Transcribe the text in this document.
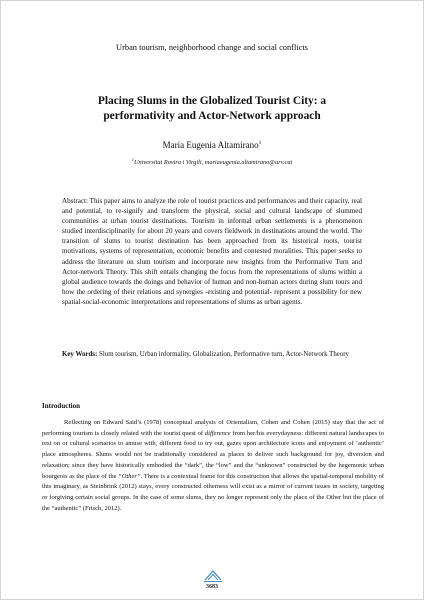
Urban tourism, neighborhood change and social conflicts
Placing Slums in the Globalized Tourist City: a performativity and Actor-Network approach
Maria Eugenia Altamirano$^1$
$^1$Universitat Rovira i Virgili, mariaeugenia.altamirano@urv.cat

Abstract: This paper aims to analyze the role of tourist practices and performances and their capacity, real and potential, to re-signify and transform the physical, social and cultural landscape of slummed communities at urban tourist destinations. Tourism in informal urban settlements is a phenomenon studied interdisciplinarily for about 20 years and covers fieldwork in destinations around the world. The transition of slums to tourist destination has been approached from its historical roots, tourist motivations, systems of representation, economic benefits and contested moralities. This paper seeks to address the literature on slum tourism and incorporate new insights from the Performative Turn and Actor-network Theory. This shift entails changing the focus from the representations of slums within a global audience towards the doings and behavior of human and non-human actors during slum tours and how the ordering of their relations and synergies -existing and potential- represent a possibility for new spatial-social-economic interpretations and representations of slums as urban agents.

Key Words: Slum tourism, Urban informality, Globalization, Performative turn, Actor-Network Theory

Introduction

Reflecting on Edward Said’s (1978) conceptual analysis of Orientalism, Cohen and Cohen (2015) stay that the act of performing tourism is closely related with the tourist quest of difference from her/his everydayness: different natural landscapes to rest on or cultural scenarios to amuse with, different food to try out, gazes upon architecture icons and enjoyment of ‘authentic’ place atmospheres. Slums would not be traditionally considered as places to deliver such background for joy, diversion and relaxation; since they have historically embodied the “dark”, the “low” and the “unknown” constructed by the hegemonic urban bourgeois as the place of the “Other”. There is a contextual frame for this construction that allows the spatial-temporal mobility of this imaginary, as Steinbrink (2012) stays, every constructed otherness will exist as a mirror of current issues in society, targeting or forgiving certain social groups. In the case of some slums, they no longer represent only the place of the Other but the place of the “authentic” (Frisch, 2012).

3683
